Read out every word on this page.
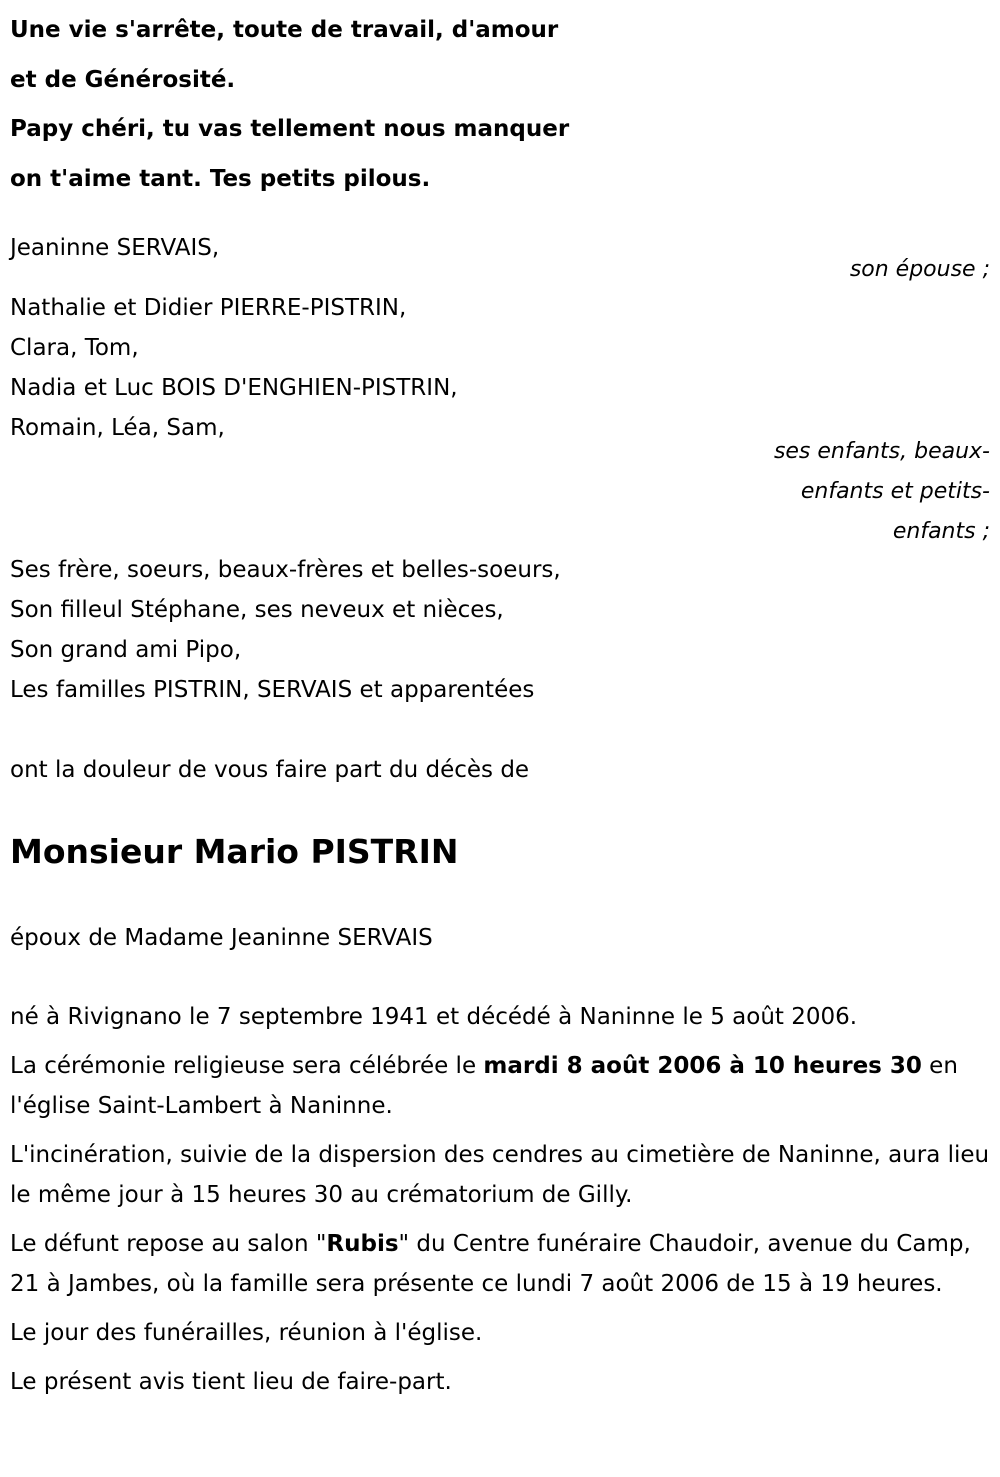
Une vie s'arrête, toute de travail, d'amour
et de Générosité.
Papy chéri, tu vas tellement nous manquer
on t'aime tant. Tes petits pilous.
Jeaninne SERVAIS,
son épouse ;
Nathalie et Didier PIERRE-PISTRIN,
Clara, Tom,
Nadia et Luc BOIS D'ENGHIEN-PISTRIN,
Romain, Léa, Sam,
ses enfants, beaux-
enfants et petits-
enfants ;
Ses frère, soeurs, beaux-frères et belles-soeurs,
Son filleul Stéphane, ses neveux et nièces,
Son grand ami Pipo,
Les familles PISTRIN, SERVAIS et apparentées
ont la douleur de vous faire part du décès de
Monsieur Mario PISTRIN
époux de Madame Jeaninne SERVAIS

né à Rivignano le 7 septembre 1941 et décédé à Naninne le 5 août 2006.

La cérémonie religieuse sera célébrée le mardi 8 août 2006 à 10 heures 30 en l'église Saint-Lambert à Naninne.

L'incinération, suivie de la dispersion des cendres au cimetière de Naninne, aura lieu le même jour à 15 heures 30 au crématorium de Gilly.

Le défunt repose au salon "Rubis" du Centre funéraire Chaudoir, avenue du Camp, 21 à Jambes, où la famille sera présente ce lundi 7 août 2006 de 15 à 19 heures.

Le jour des funérailles, réunion à l'église.

Le présent avis tient lieu de faire-part.
